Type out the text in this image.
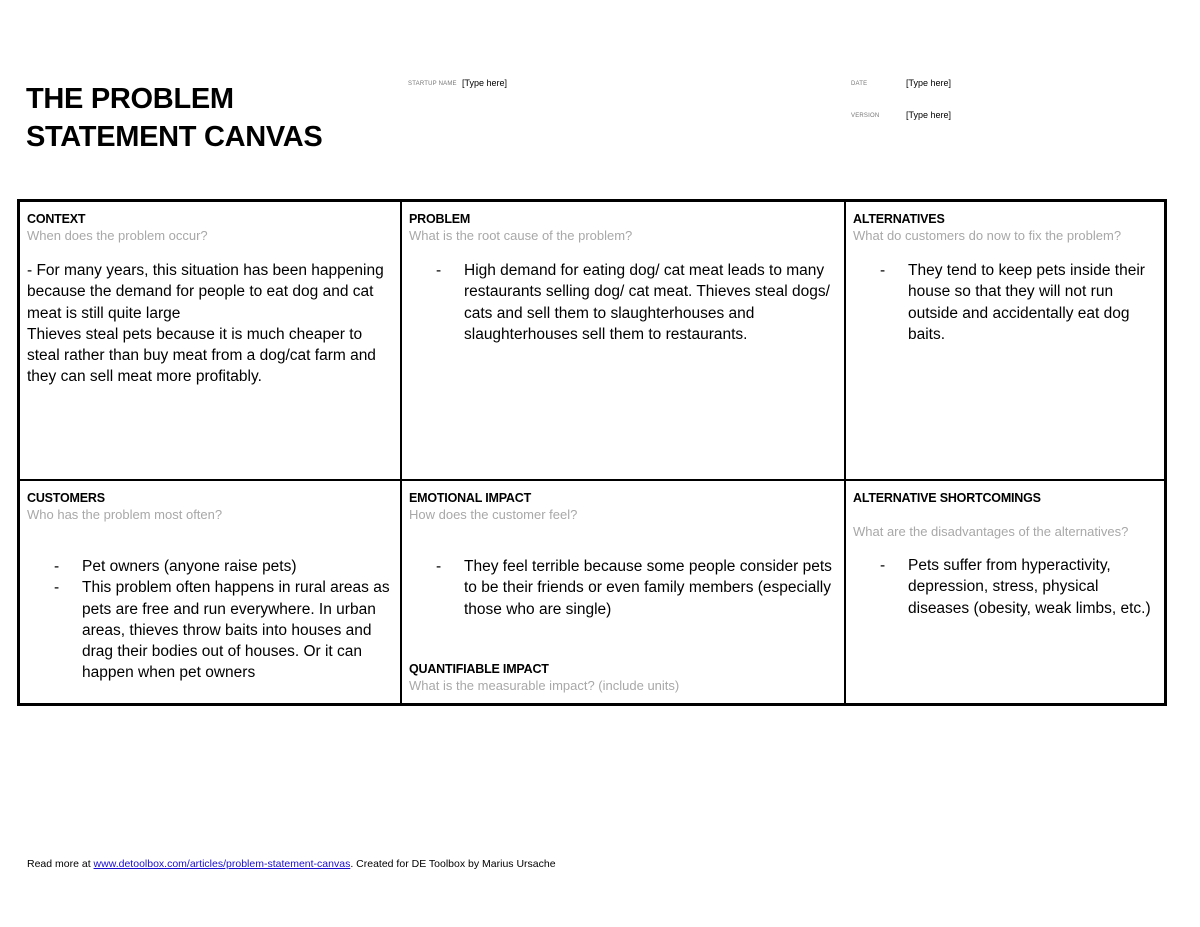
THE PROBLEM
STATEMENT CANVAS
STARTUP NAME [Type here]	DATE	[Type here]
VERSION	[Type here]
CONTEXT
When does the problem occur?
- For many years, this situation has been happening because the demand for people to eat dog and cat meat is still quite large
Thieves steal pets because it is much cheaper to steal rather than buy meat from a dog/cat farm and they can sell meat more profitably.
PROBLEM
What is the root cause of the problem?
- High demand for eating dog/ cat meat leads to many restaurants selling dog/ cat meat. Thieves steal dogs/ cats and sell them to slaughterhouses and slaughterhouses sell them to restaurants.
ALTERNATIVES
What do customers do now to fix the problem?
- They tend to keep pets inside their house so that they will not run outside and accidentally eat dog baits.
CUSTOMERS
Who has the problem most often?
- Pet owners (anyone raise pets)
- This problem often happens in rural areas as pets are free and run everywhere. In urban areas, thieves throw baits into houses and drag their bodies out of houses. Or it can happen when pet owners
EMOTIONAL IMPACT
How does the customer feel?
- They feel terrible because some people consider pets to be their friends or even family members (especially those who are single)
QUANTIFIABLE IMPACT
What is the measurable impact? (include units)
ALTERNATIVE SHORTCOMINGS
What are the disadvantages of the alternatives?
- Pets suffer from hyperactivity, depression, stress, physical diseases (obesity, weak limbs, etc.)
Read more at www.detoolbox.com/articles/problem-statement-canvas. Created for DE Toolbox by Marius Ursache
